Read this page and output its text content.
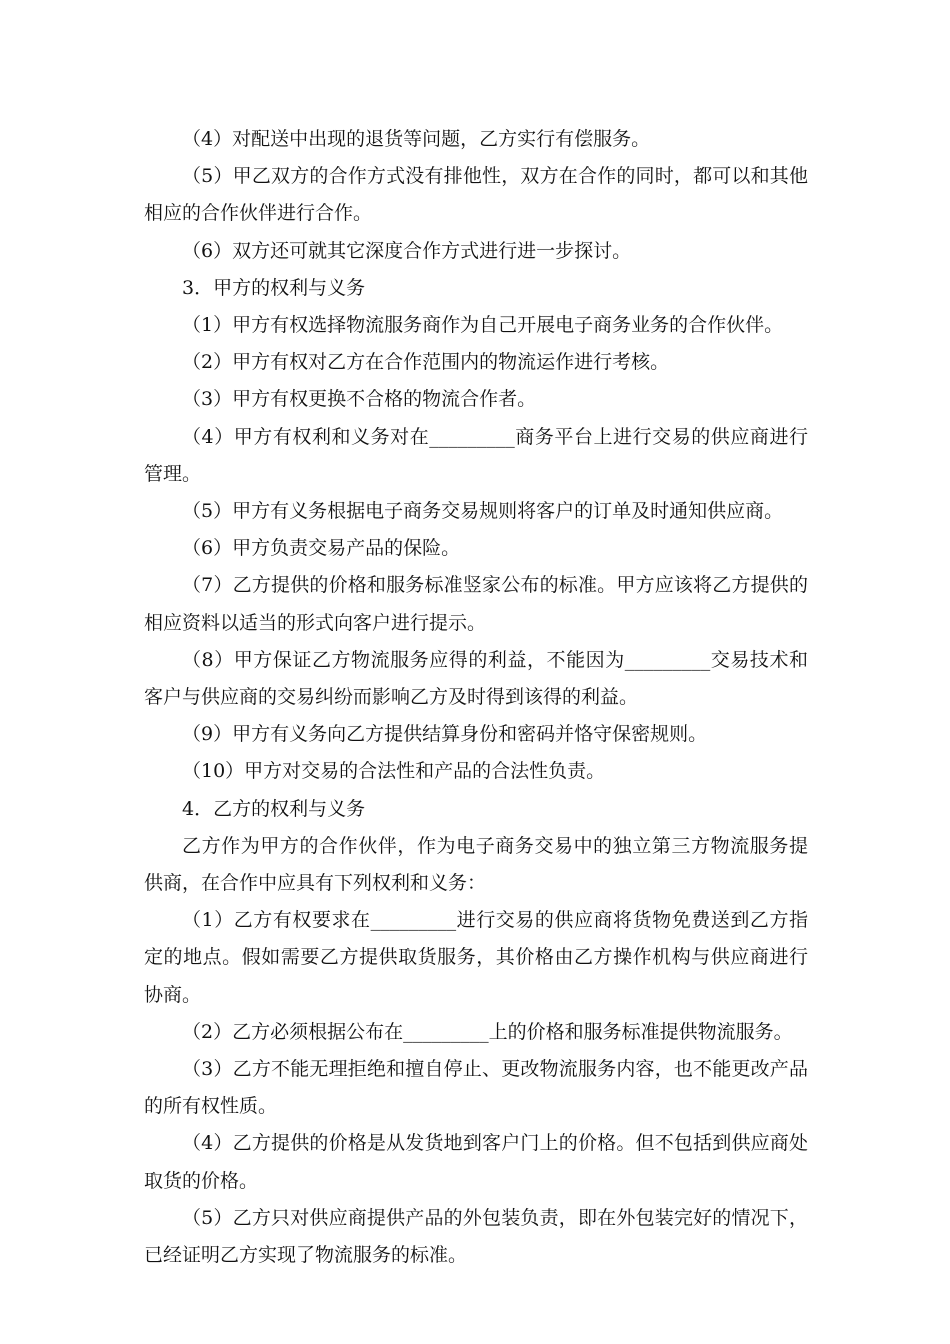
（4）对配送中出现的退货等问题，乙方实行有偿服务。

（5）甲乙双方的合作方式没有排他性，双方在合作的同时，都可以和其他相应的合作伙伴进行合作。

（6）双方还可就其它深度合作方式进行进一步探讨。

3．甲方的权利与义务

（1）甲方有权选择物流服务商作为自己开展电子商务业务的合作伙伴。

（2）甲方有权对乙方在合作范围内的物流运作进行考核。

（3）甲方有权更换不合格的物流合作者。

（4）甲方有权利和义务对在_________商务平台上进行交易的供应商进行管理。

（5）甲方有义务根据电子商务交易规则将客户的订单及时通知供应商。

（6）甲方负责交易产品的保险。

（7）乙方提供的价格和服务标准竖家公布的标准。甲方应该将乙方提供的相应资料以适当的形式向客户进行提示。

（8）甲方保证乙方物流服务应得的利益，不能因为_________交易技术和客户与供应商的交易纠纷而影响乙方及时得到该得的利益。

（9）甲方有义务向乙方提供结算身份和密码并恪守保密规则。

（10）甲方对交易的合法性和产品的合法性负责。

4．乙方的权利与义务

乙方作为甲方的合作伙伴，作为电子商务交易中的独立第三方物流服务提供商，在合作中应具有下列权利和义务：

（1）乙方有权要求在_________进行交易的供应商将货物免费送到乙方指定的地点。假如需要乙方提供取货服务，其价格由乙方操作机构与供应商进行协商。

（2）乙方必须根据公布在_________上的价格和服务标准提供物流服务。

（3）乙方不能无理拒绝和擅自停止、更改物流服务内容，也不能更改产品的所有权性质。

（4）乙方提供的价格是从发货地到客户门上的价格。但不包括到供应商处取货的价格。

（5）乙方只对供应商提供产品的外包装负责，即在外包装完好的情况下，已经证明乙方实现了物流服务的标准。
